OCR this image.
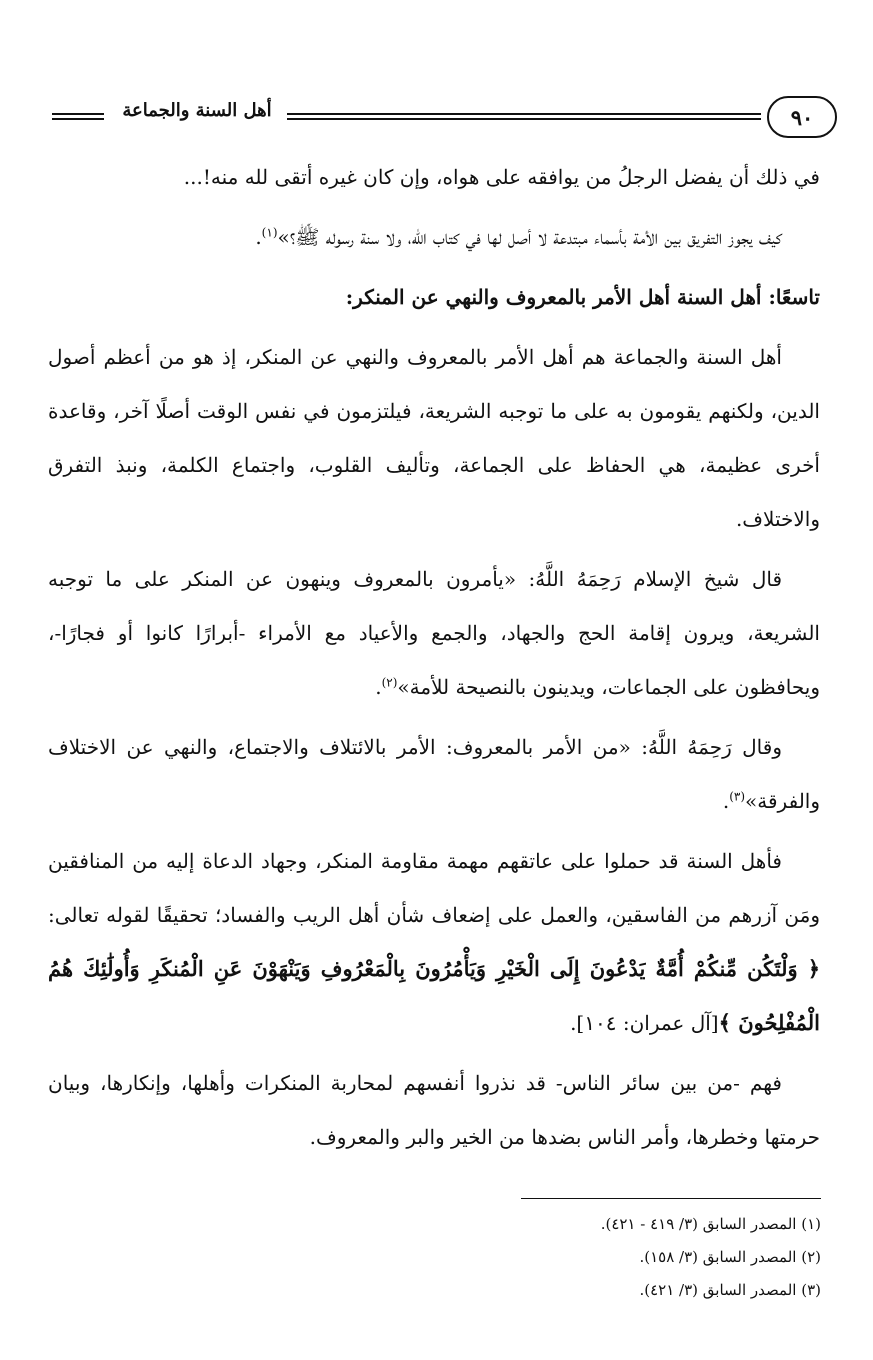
أهل السنة والجماعة	٩٠

في ذلك أن يفضل الرجلُ من يوافقه على هواه، وإن كان غيره أتقى لله منه!...

كيف يجوز التفريق بين الأمة بأسماء مبتدعة لا أصل لها في كتاب الله، ولا سنة رسوله ﷺ؟»$^{(١)}$.

تاسعًا: أهل السنة أهل الأمر بالمعروف والنهي عن المنكر:

أهل السنة والجماعة هم أهل الأمر بالمعروف والنهي عن المنكر، إذ هو من أعظم أصول الدين، ولكنهم يقومون به على ما توجبه الشريعة، فيلتزمون في نفس الوقت أصلًا آخر، وقاعدة أخرى عظيمة، هي الحفاظ على الجماعة، وتأليف القلوب، واجتماع الكلمة، ونبذ التفرق والاختلاف.

قال شيخ الإسلام رَحِمَهُ اللَّهُ: «يأمرون بالمعروف وينهون عن المنكر على ما توجبه الشريعة، ويرون إقامة الحج والجهاد، والجمع والأعياد مع الأمراء -أبرارًا كانوا أو فجارًا-، ويحافظون على الجماعات، ويدينون بالنصيحة للأمة»$^{(٢)}$.

وقال رَحِمَهُ اللَّهُ: «من الأمر بالمعروف: الأمر بالائتلاف والاجتماع، والنهي عن الاختلاف والفرقة»$^{(٣)}$.

فأهل السنة قد حملوا على عاتقهم مهمة مقاومة المنكر، وجهاد الدعاة إليه من المنافقين ومَن آزرهم من الفاسقين، والعمل على إضعاف شأن أهل الريب والفساد؛ تحقيقًا لقوله تعالى: ﴿ وَلْتَكُن مِّنكُمْ أُمَّةٌ يَدْعُونَ إِلَى الْخَيْرِ وَيَأْمُرُونَ بِالْمَعْرُوفِ وَيَنْهَوْنَ عَنِ الْمُنكَرِ وَأُولَٰئِكَ هُمُ الْمُفْلِحُونَ ﴾[آل عمران: ١٠٤].

فهم -من بين سائر الناس- قد نذروا أنفسهم لمحاربة المنكرات وأهلها، وإنكارها، وبيان حرمتها وخطرها، وأمر الناس بضدها من الخير والبر والمعروف.

(١) المصدر السابق (٣/ ٤١٩ - ٤٢١).
(٢) المصدر السابق (٣/ ١٥٨).
(٣) المصدر السابق (٣/ ٤٢١).
